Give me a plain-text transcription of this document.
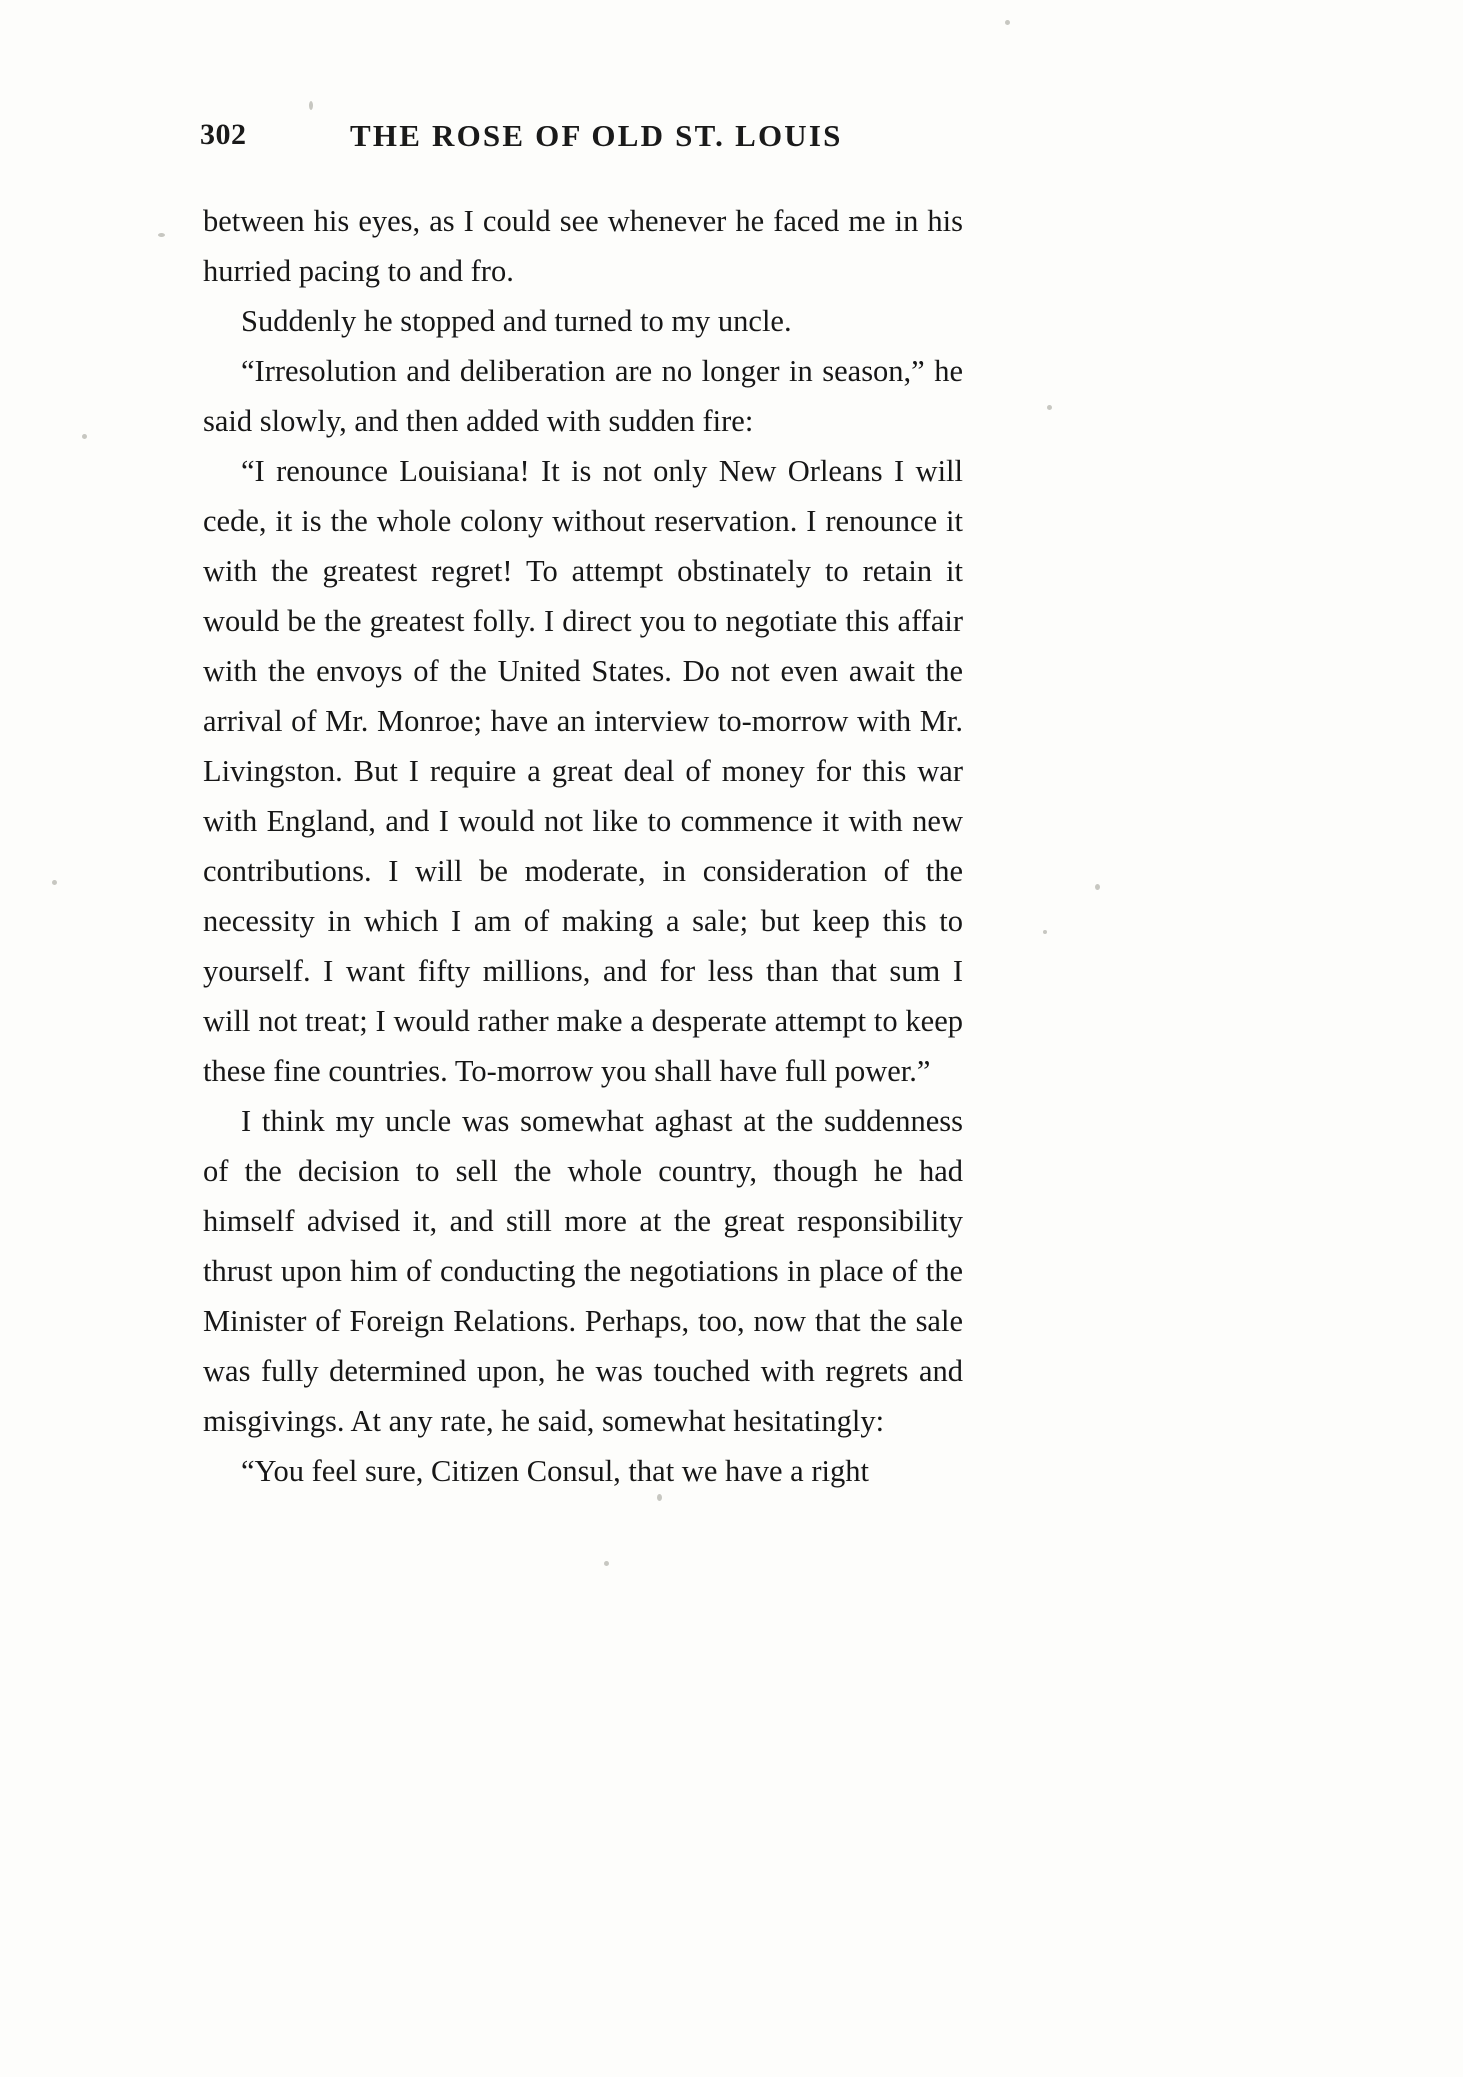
302	THE ROSE OF OLD ST. LOUIS

between his eyes, as I could see whenever he faced me in his hurried pacing to and fro.

Suddenly he stopped and turned to my uncle.

“Irresolution and deliberation are no longer in season,” he said slowly, and then added with sudden fire:

“I renounce Louisiana! It is not only New Orleans I will cede, it is the whole colony without reservation. I renounce it with the greatest regret! To attempt obstinately to retain it would be the greatest folly. I direct you to negotiate this affair with the envoys of the United States. Do not even await the arrival of Mr. Monroe; have an interview to-morrow with Mr. Livingston. But I require a great deal of money for this war with England, and I would not like to commence it with new contributions. I will be moderate, in consideration of the necessity in which I am of making a sale; but keep this to yourself. I want fifty millions, and for less than that sum I will not treat; I would rather make a desperate attempt to keep these fine countries. To-morrow you shall have full power.”

I think my uncle was somewhat aghast at the suddenness of the decision to sell the whole country, though he had himself advised it, and still more at the great responsibility thrust upon him of conducting the negotiations in place of the Minister of Foreign Relations. Perhaps, too, now that the sale was fully determined upon, he was touched with regrets and misgivings. At any rate, he said, somewhat hesitatingly:

“You feel sure, Citizen Consul, that we have a right
